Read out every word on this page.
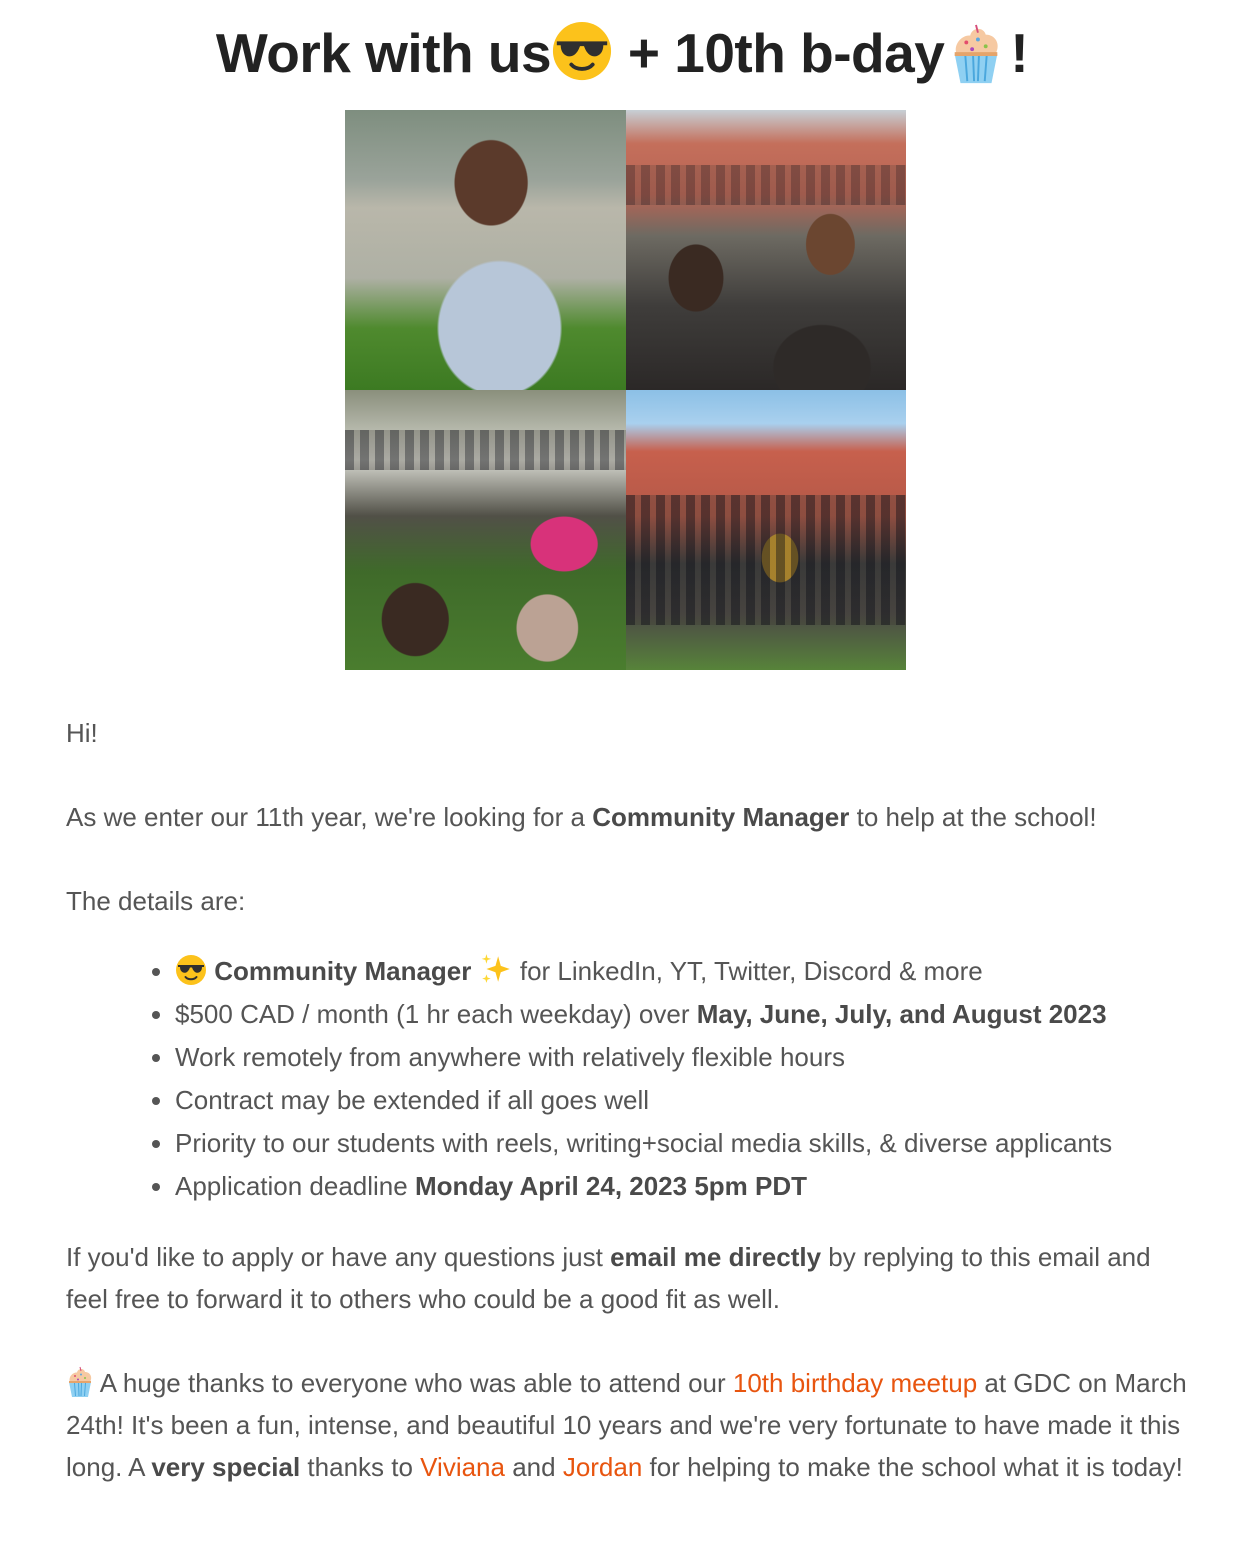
Work with us + 10th b-day !
Hi!
As we enter our 11th year, we're looking for a Community Manager to help at the school!
The details are:
• Community Manager  for LinkedIn, YT, Twitter, Discord & more
• $500 CAD / month (1 hr each weekday) over May, June, July, and August 2023
• Work remotely from anywhere with relatively flexible hours
• Contract may be extended if all goes well
• Priority to our students with reels, writing+social media skills, & diverse applicants
• Application deadline Monday April 24, 2023 5pm PDT
If you'd like to apply or have any questions just email me directly by replying to this email and feel free to forward it to others who could be a good fit as well.
A huge thanks to everyone who was able to attend our 10th birthday meetup at GDC on March 24th! It's been a fun, intense, and beautiful 10 years and we're very fortunate to have made it this long. A very special thanks to Viviana and Jordan for helping to make the school what it is today!
